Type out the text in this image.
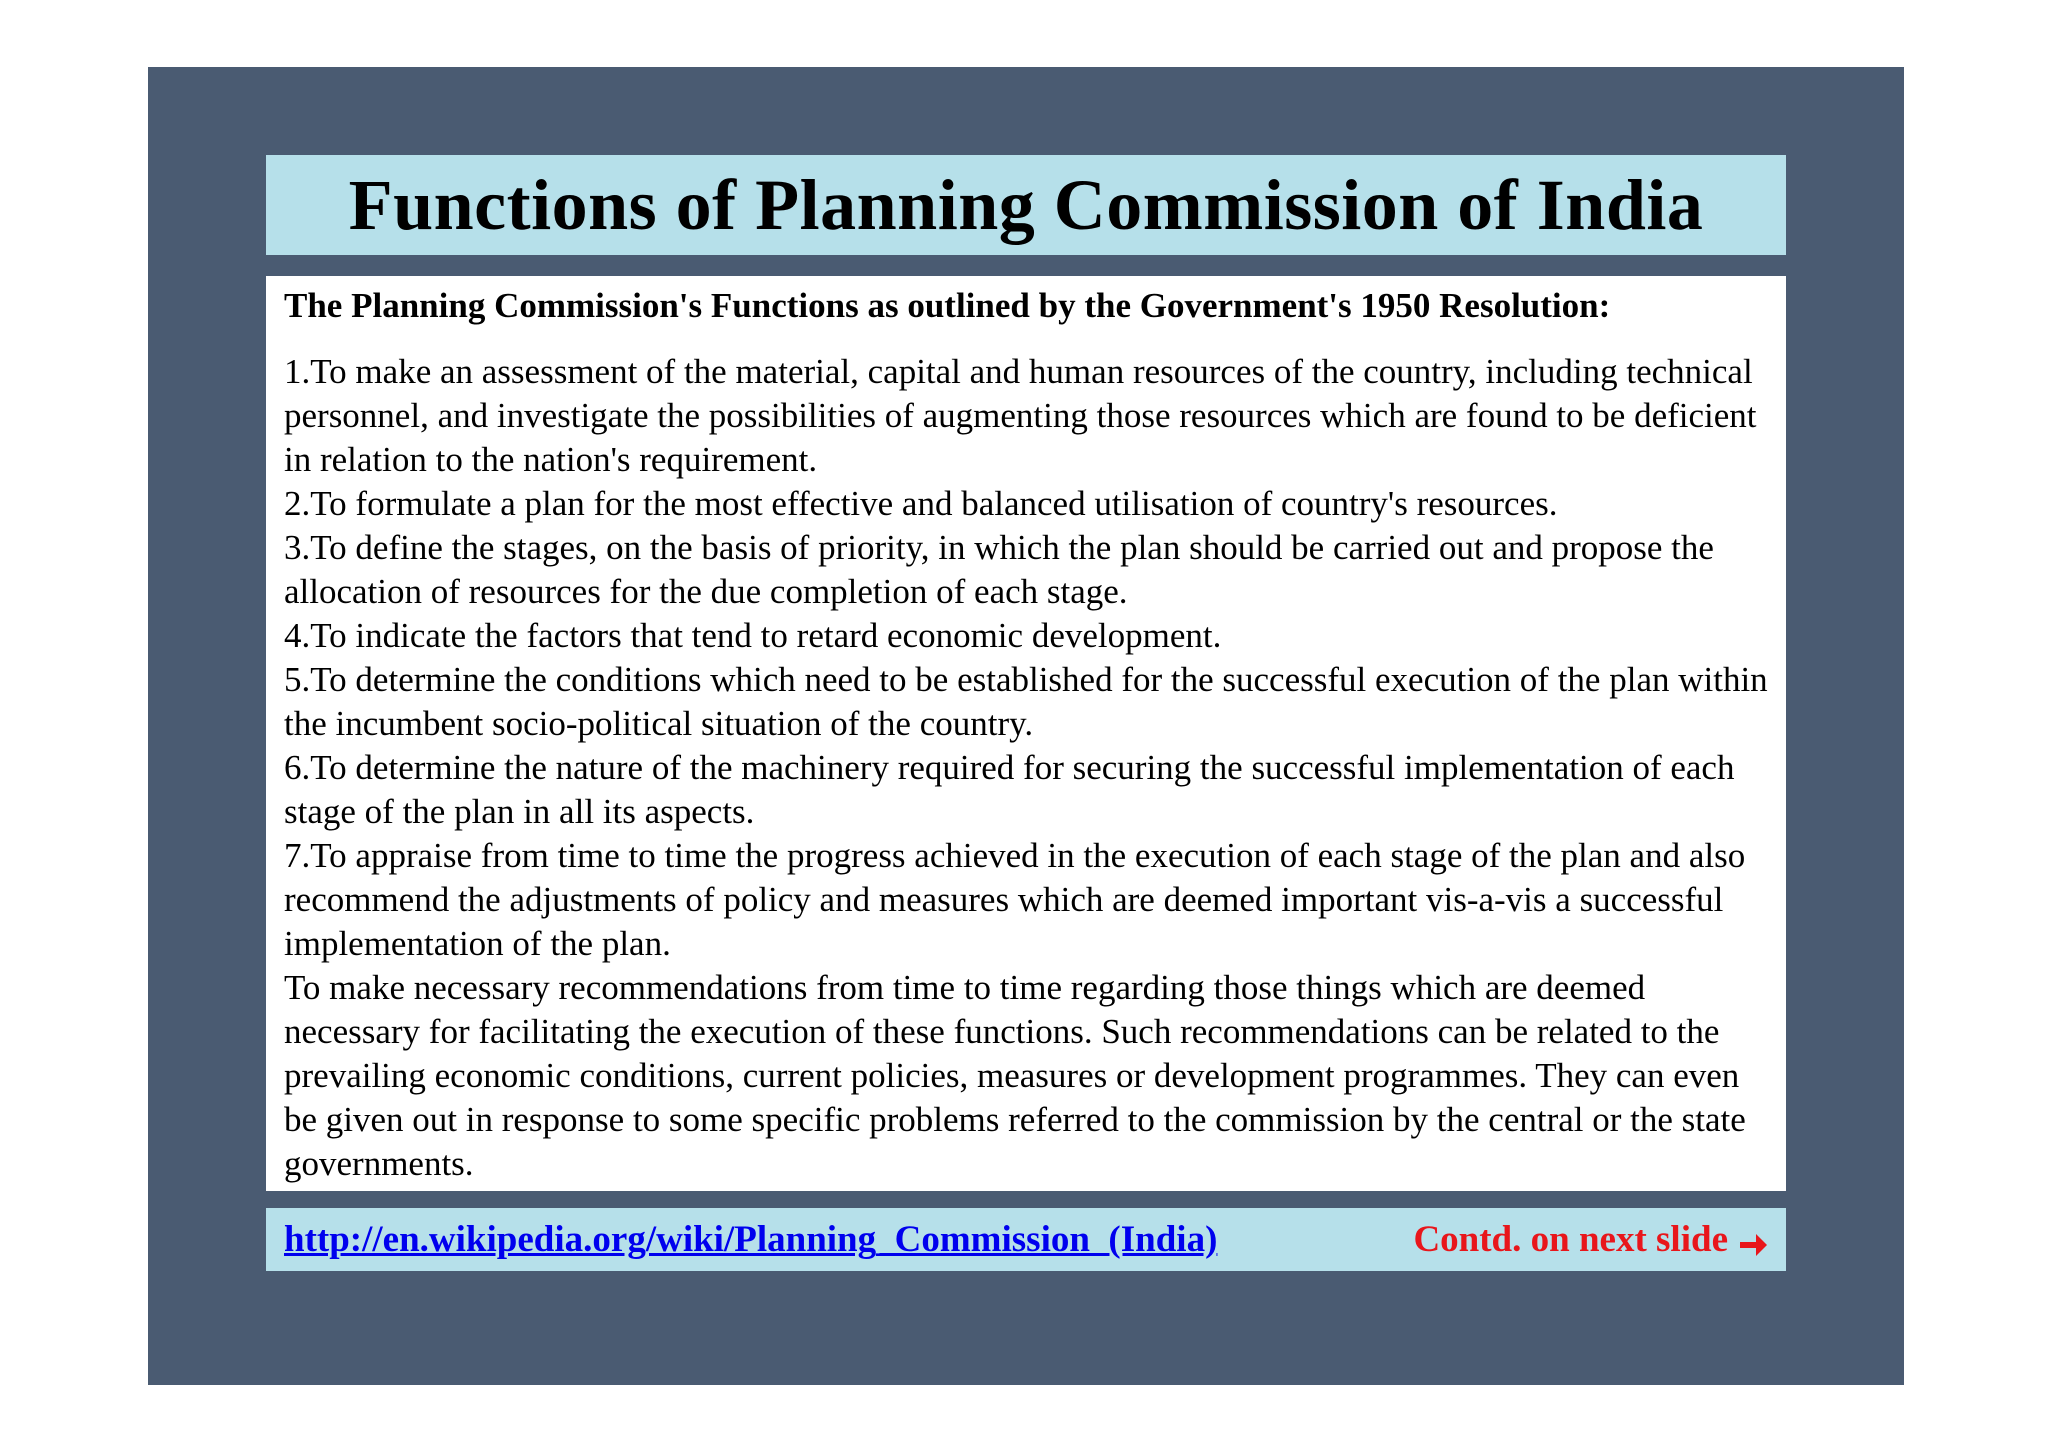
Functions of Planning Commission of India

The Planning Commission's Functions as outlined by the Government's 1950 Resolution:

1.To make an assessment of the material, capital and human resources of the country, including technical personnel, and investigate the possibilities of augmenting those resources which are found to be deficient in relation to the nation's requirement.

2.To formulate a plan for the most effective and balanced utilisation of country's resources.

3.To define the stages, on the basis of priority, in which the plan should be carried out and propose the allocation of resources for the due completion of each stage.

4.To indicate the factors that tend to retard economic development.

5.To determine the conditions which need to be established for the successful execution of the plan within the incumbent socio-political situation of the country.

6.To determine the nature of the machinery required for securing the successful implementation of each stage of the plan in all its aspects.

7.To appraise from time to time the progress achieved in the execution of each stage of the plan and also recommend the adjustments of policy and measures which are deemed important vis-a-vis a successful implementation of the plan.

To make necessary recommendations from time to time regarding those things which are deemed necessary for facilitating the execution of these functions. Such recommendations can be related to the prevailing economic conditions, current policies, measures or development programmes. They can even be given out in response to some specific problems referred to the commission by the central or the state governments.

http://en.wikipedia.org/wiki/Planning_Commission_(India)	Contd. on next slide
